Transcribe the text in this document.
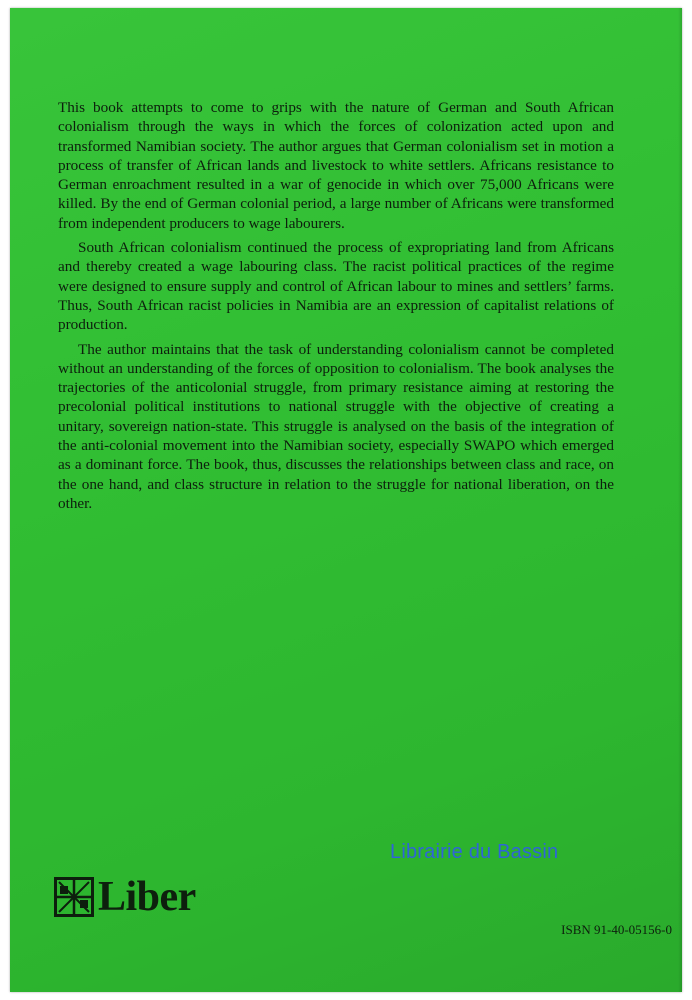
This book attempts to come to grips with the nature of German and South African colonialism through the ways in which the forces of colonization acted upon and transformed Namibian society. The author argues that German colonialism set in motion a process of transfer of African lands and livestock to white settlers. Africans resistance to German enroachment resulted in a war of genocide in which over 75,000 Africans were killed. By the end of German colonial period, a large number of Africans were transformed from independent producers to wage labourers.

South African colonialism continued the process of expropriating land from Africans and thereby created a wage labouring class. The racist political practices of the regime were designed to ensure supply and control of African labour to mines and settlers’ farms. Thus, South African racist policies in Namibia are an expression of capitalist relations of production.

The author maintains that the task of understanding colonialism cannot be completed without an understanding of the forces of opposition to colonialism. The book analyses the trajectories of the anticolonial struggle, from primary resistance aiming at restoring the precolonial political institutions to national struggle with the objective of creating a unitary, sovereign nation-state. This struggle is analysed on the basis of the integration of the anti-colonial movement into the Namibian society, especially SWAPO which emerged as a dominant force. The book, thus, discusses the relationships between class and race, on the one hand, and class structure in relation to the struggle for national liberation, on the other.

Librairie du Bassin
Liber
ISBN 91-40-05156-0
